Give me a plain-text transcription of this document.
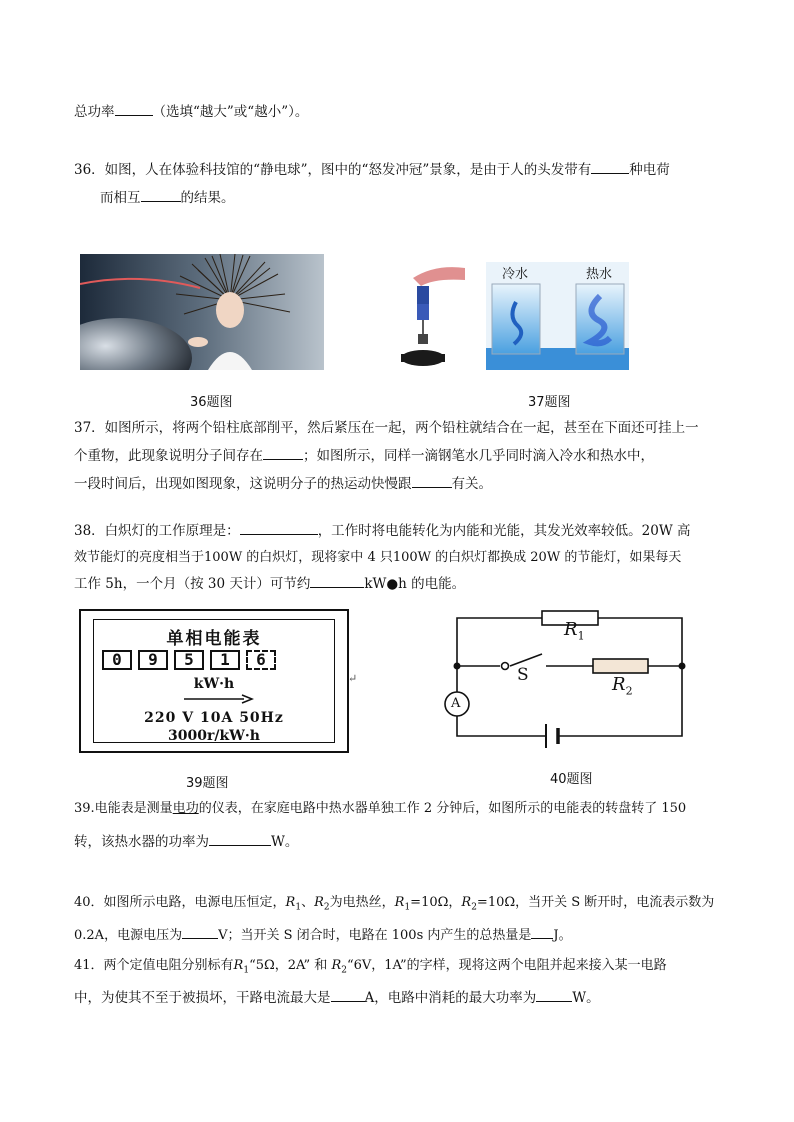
总功率	（选填“越大”或“越小”）。
36．如图，人在体验科技馆的“静电球”，图中的“怒发冲冠”景象，是由于人的头发带有	种电荷
而相互	的结果。
36题图
冷水	热水
37题图
37．如图所示，将两个铅柱底部削平，然后紧压在一起，两个铅柱就结合在一起，甚至在下面还可挂上一
个重物，此现象说明分子间存在	；如图所示，同样一滴钢笔水几乎同时滴入冷水和热水中，
一段时间后，出现如图现象，这说明分子的热运动快慢跟	有关。
38．白炽灯的工作原理是：	，工作时将电能转化为内能和光能，其发光效率较低。20W 高
效节能灯的亮度相当于100W 的白炽灯，现将家中 4 只100W 的白炽灯都换成 20W 的节能灯，如果每天
工作 5h，一个月（按 30 天计）可节约	kW●h 的电能。
单相电能表
0	9	5	1	6
kW·h
220 V 10A 50Hz
3000r/kW·h
↵
39题图
$R_1$
S	$R_2$
A
40题图
39.电能表是测量电功的仪表，在家庭电路中热水器单独工作 2 分钟后，如图所示的电能表的转盘转了 150
转，该热水器的功率为	W。
40．如图所示电路，电源电压恒定，$R_1$、$R_2$为电热丝，$R_1=10\Omega$，$R_2=10\Omega$，当开关 S 断开时，电流表示数为
0.2A，电源电压为	V；当开关 S 闭合时，电路在 100s 内产生的总热量是 J。
41．两个定值电阻分别标有$R_1“5\Omega$，2A” 和 $R_2“6V$，1A”的字样，现将这两个电阻并起来接入某一电路
中，为使其不至于被损坏，干路电流最大是	A，电路中消耗的最大功率为	W。
